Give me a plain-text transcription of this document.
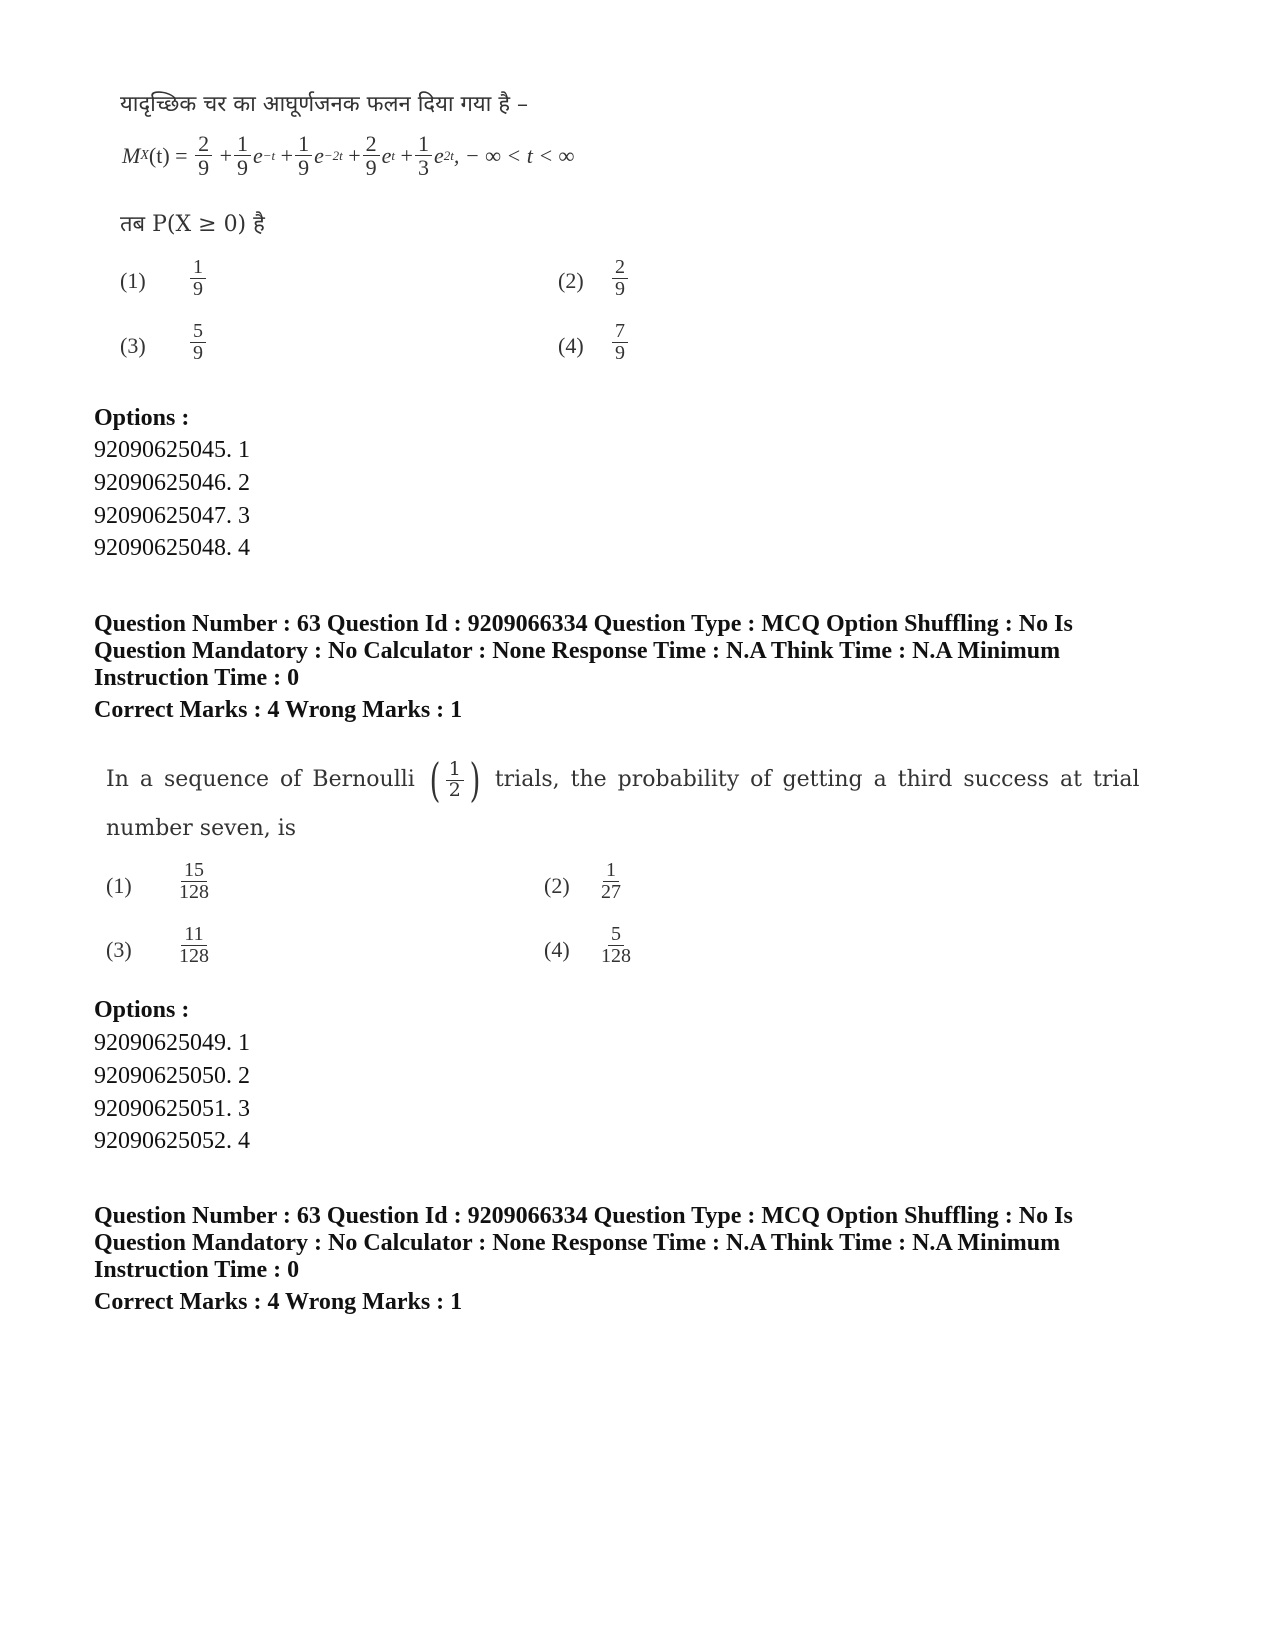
यादृच्छिक चर का आघूर्णजनक फलन दिया गया है –
$MX(t) = \frac{2}{9} + \frac{1}{9} e-t + \frac{1}{9} e-2t + \frac{2}{9}$ et + $\frac{1}{3} e2t$, − ∞ < t < ∞
तब P(X ≥ 0) है
$(1) \frac{1}{9}$	$(2) \frac{2}{9}$
$(3) \frac{5}{9}$	$(4) \frac{7}{9}$
Options :
92090625045. 1
92090625046. 2
92090625047. 3
92090625048. 4
Question Number : 63 Question Id : 9209066334 Question Type : MCQ Option Shuffling : No Is
Question Mandatory : No Calculator : None Response Time : N.A Think Time : N.A Minimum
Instruction Time : 0
Correct Marks : 4 Wrong Marks : 1
In a sequence of Bernoulli ( $\frac{1}{2}$ ) trials, the probability of getting a third success at trial
number seven, is
$(1) \frac{15}{128}$	$(2) \frac{1}{27}$
$(3) \frac{11}{128}$	$(4) \frac{5}{128}$
Options :
92090625049. 1
92090625050. 2
92090625051. 3
92090625052. 4
Question Number : 63 Question Id : 9209066334 Question Type : MCQ Option Shuffling : No Is
Question Mandatory : No Calculator : None Response Time : N.A Think Time : N.A Minimum
Instruction Time : 0
Correct Marks : 4 Wrong Marks : 1
